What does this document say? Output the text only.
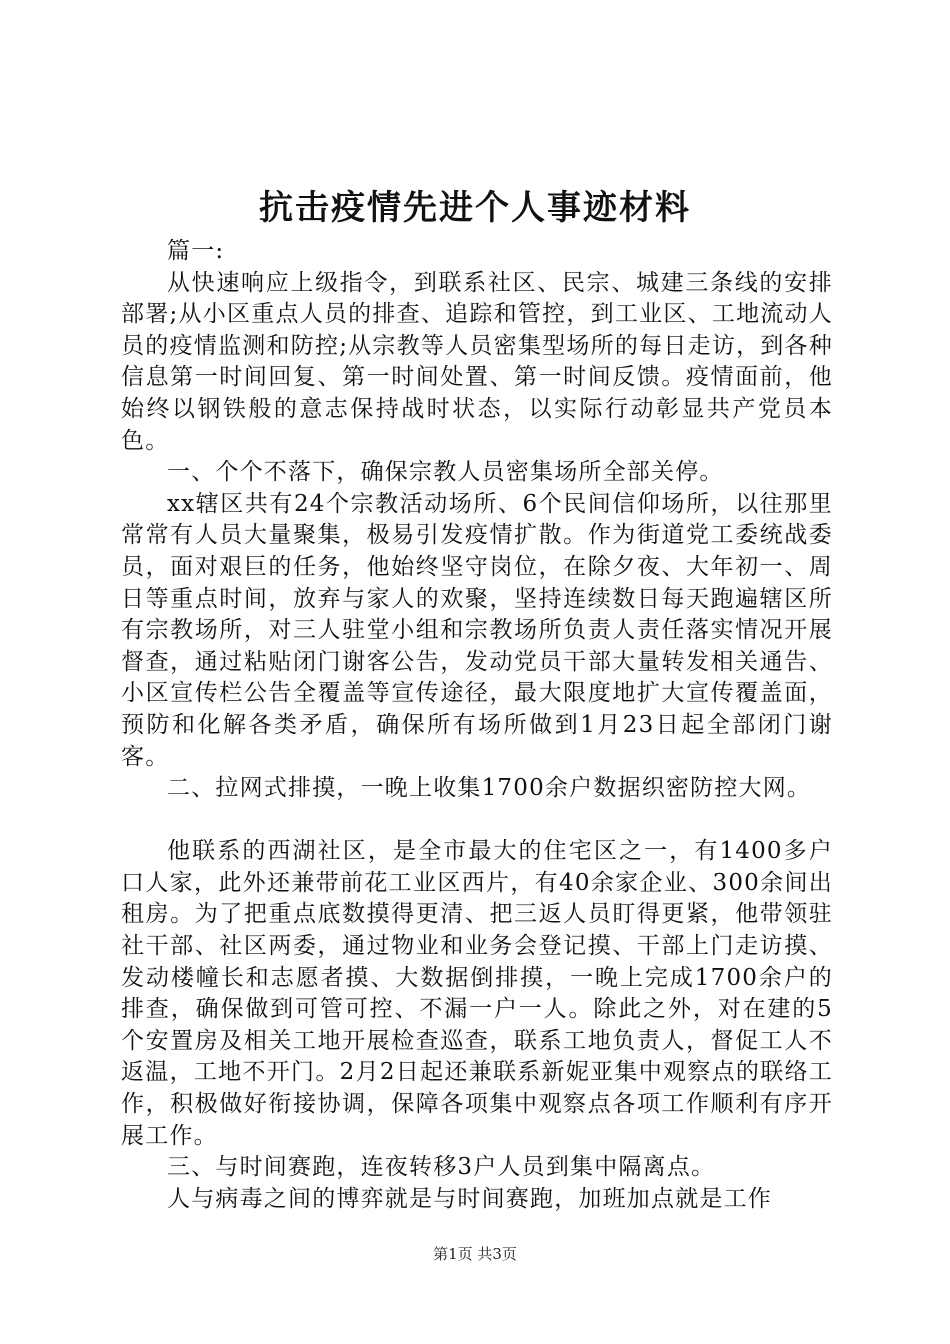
抗击疫情先进个人事迹材料

篇一:

从快速响应上级指令，到联系社区、民宗、城建三条线的安排部署;从小区重点人员的排查、追踪和管控，到工业区、工地流动人员的疫情监测和防控;从宗教等人员密集型场所的每日走访，到各种信息第一时间回复、第一时间处置、第一时间反馈。疫情面前，他始终以钢铁般的意志保持战时状态，以实际行动彰显共产党员本色。

一、个个不落下，确保宗教人员密集场所全部关停。

xx辖区共有24个宗教活动场所、6个民间信仰场所，以往那里常常有人员大量聚集，极易引发疫情扩散。作为街道党工委统战委员，面对艰巨的任务，他始终坚守岗位，在除夕夜、大年初一、周日等重点时间，放弃与家人的欢聚，坚持连续数日每天跑遍辖区所有宗教场所，对三人驻堂小组和宗教场所负责人责任落实情况开展督查，通过粘贴闭门谢客公告，发动党员干部大量转发相关通告、小区宣传栏公告全覆盖等宣传途径，最大限度地扩大宣传覆盖面，预防和化解各类矛盾，确保所有场所做到1月23日起全部闭门谢客。

二、拉网式排摸，一晚上收集1700余户数据织密防控大网。

他联系的西湖社区，是全市最大的住宅区之一，有1400多户口人家，此外还兼带前花工业区西片，有40余家企业、300余间出租房。为了把重点底数摸得更清、把三返人员盯得更紧，他带领驻社干部、社区两委，通过物业和业务会登记摸、干部上门走访摸、发动楼幢长和志愿者摸、大数据倒排摸，一晚上完成1700余户的排查，确保做到可管可控、不漏一户一人。除此之外，对在建的5个安置房及相关工地开展检查巡查，联系工地负责人，督促工人不返温，工地不开门。2月2日起还兼联系新妮亚集中观察点的联络工作，积极做好衔接协调，保障各项集中观察点各项工作顺利有序开展工作。

三、与时间赛跑，连夜转移3户人员到集中隔离点。

人与病毒之间的博弈就是与时间赛跑，加班加点就是工作

第1页 共3页
